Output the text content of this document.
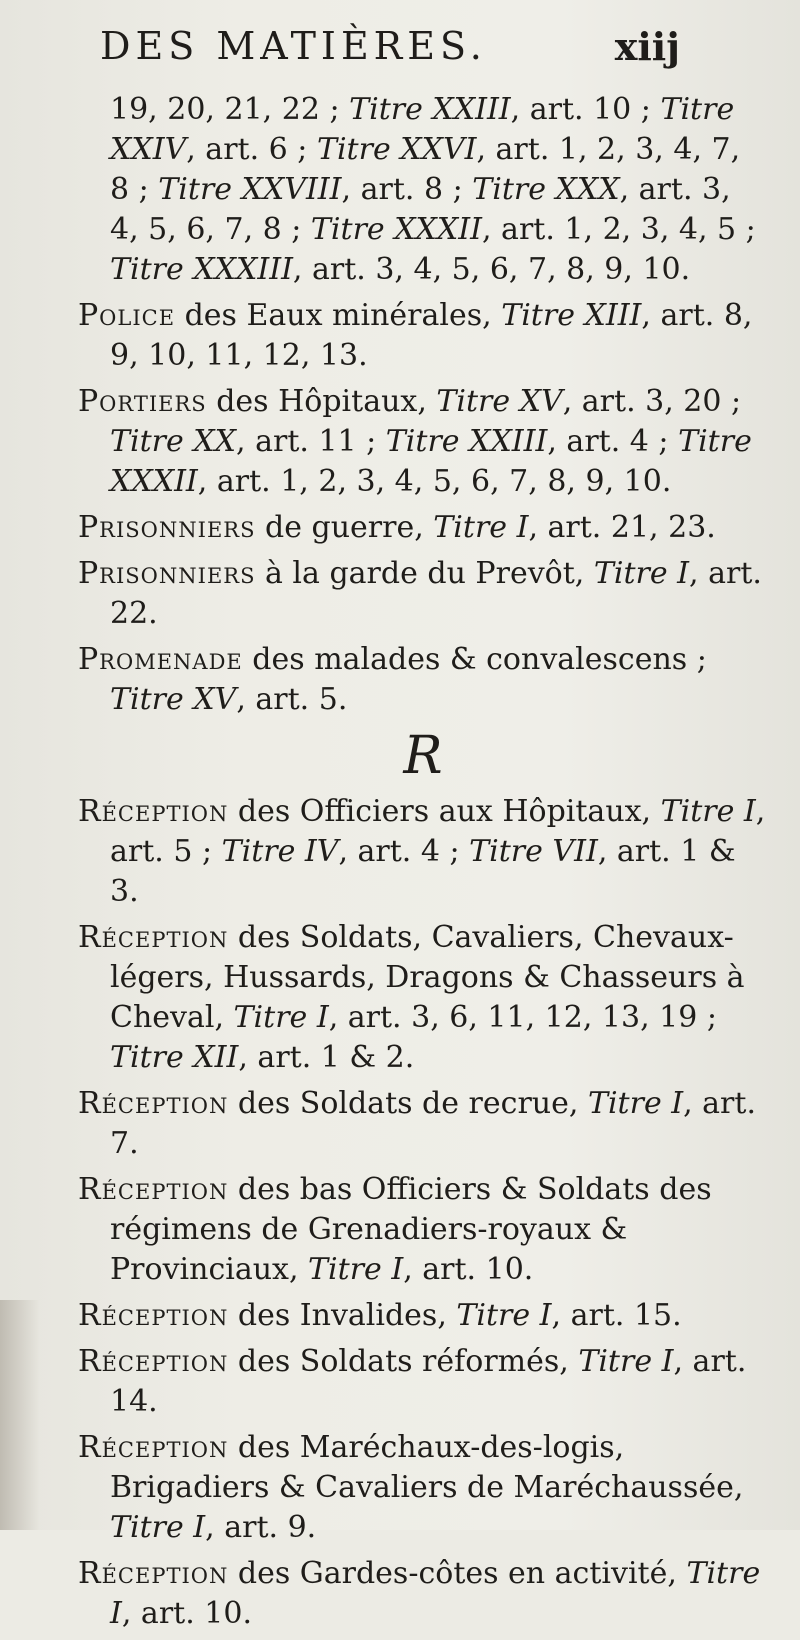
DES MATIÈRES.	xiij

19, 20, 21, 22 ; Titre XXIII, art. 10 ; Titre XXIV, art. 6 ; Titre XXVI, art. 1, 2, 3, 4, 7, 8 ; Titre XXVIII, art. 8 ; Titre XXX, art. 3, 4, 5, 6, 7, 8 ; Titre XXXII, art. 1, 2, 3, 4, 5 ; Titre XXXIII, art. 3, 4, 5, 6, 7, 8, 9, 10.

Police des Eaux minérales, Titre XIII, art. 8, 9, 10, 11, 12, 13.

Portiers des Hôpitaux, Titre XV, art. 3, 20 ; Titre XX, art. 11 ; Titre XXIII, art. 4 ; Titre XXXII, art. 1, 2, 3, 4, 5, 6, 7, 8, 9, 10.

Prisonniers de guerre, Titre I, art. 21, 23.

Prisonniers à la garde du Prevôt, Titre I, art. 22.

Promenade des malades & convalescens ; Titre XV, art. 5.

R

Réception des Officiers aux Hôpitaux, Titre I, art. 5 ; Titre IV, art. 4 ; Titre VII, art. 1 & 3.

Réception des Soldats, Cavaliers, Chevaux-légers, Hussards, Dragons & Chasseurs à Cheval, Titre I, art. 3, 6, 11, 12, 13, 19 ; Titre XII, art. 1 & 2.

Réception des Soldats de recrue, Titre I, art. 7.

Réception des bas Officiers & Soldats des régimens de Grenadiers-royaux & Provinciaux, Titre I, art. 10.

Réception des Invalides, Titre I, art. 15.

Réception des Soldats réformés, Titre I, art. 14.

Réception des Maréchaux-des-logis, Brigadiers & Cavaliers de Maréchaussée, Titre I, art. 9.

Réception des Gardes-côtes en activité, Titre I, art. 10.
